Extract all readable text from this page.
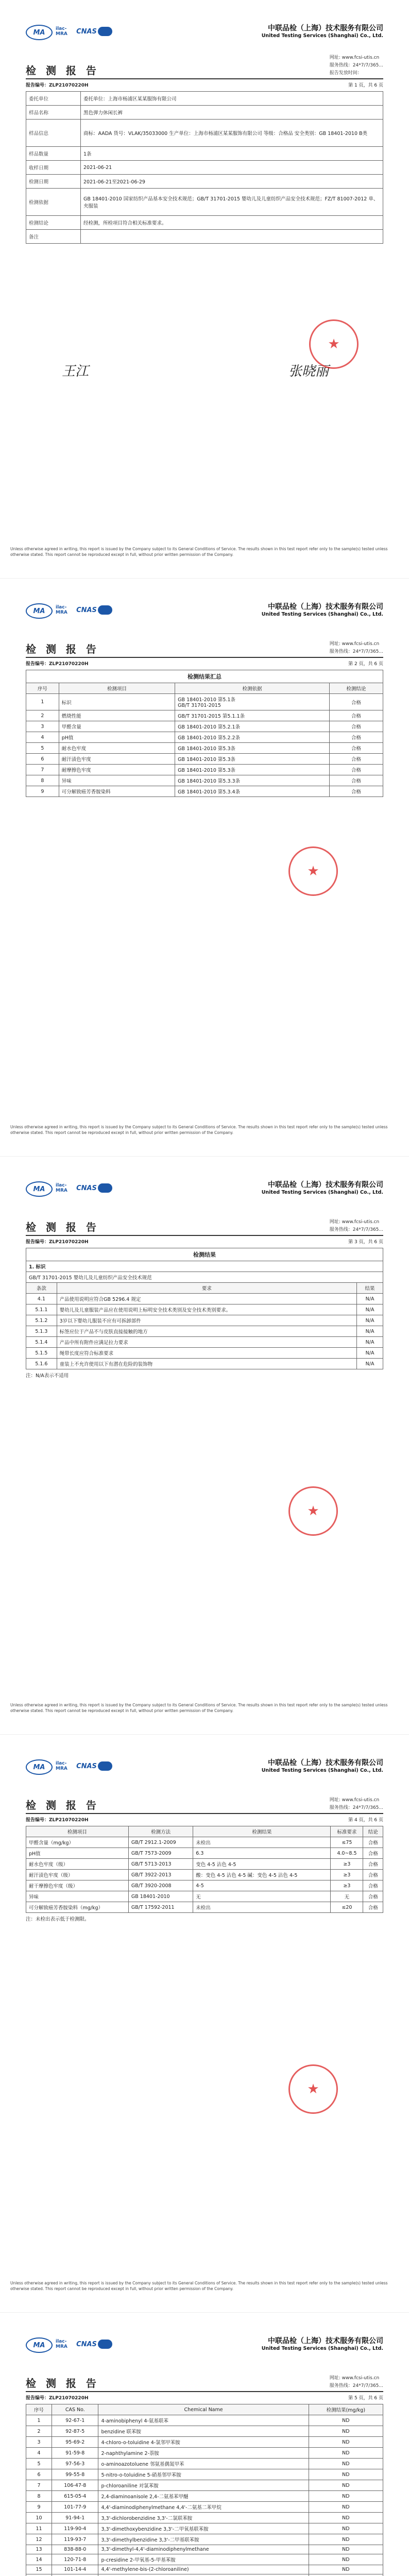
MA	ilac-MRA	CNAS	中联品检（上海）技术服务有限公司
United Testing Services (Shanghai) Co., Ltd.
检 测 报 告
网址: www.fcsi-utis.cn
服务热线：24*7/7/365...
报告发放时间：
报告编号：ZLP21070220H	第 1 页，共 6 页
委托单位	委托单位：上海市杨浦区某某服饰有限公司
样品名称	黑色弹力休闲长裤
样品信息	商标：AADA 货号：VLAK/35033000 生产单位：上海市杨浦区某某服饰有限公司 等级：合格品 安全类别：GB 18401-2010 B类
样品数量	1条
收样日期	2021-06-21
检测日期	2021-06-21至2021-06-29
检测依据	GB 18401-2010 国家纺织产品基本安全技术规范；GB/T 31701-2015 婴幼儿及儿童纺织产品安全技术规范；FZ/T 81007-2012 单、夹服装
检测结论	经检测，所检项目符合相关标准要求。
备注	
王江	张晓丽
★
Unless otherwise agreed in writing, this report is issued by the Company subject to its General Conditions of Service. The results shown in this test report refer only to the sample(s) tested unless otherwise stated. This report cannot be reproduced except in full, without prior written permission of the Company.
MA	ilac-MRA	CNAS	中联品检（上海）技术服务有限公司
United Testing Services (Shanghai) Co., Ltd.
检 测 报 告	网址: www.fcsi-utis.cn
服务热线：24*7/7/365...
报告编号：ZLP21070220H	第 2 页，共 6 页
检测结果汇总			
序号	检测项目	检测依据	检测结论
1	标识	GB 18401-2010 第5.1条
GB/T 31701-2015	合格
2	燃烧性能	GB/T 31701-2015 第5.1.1条	合格
3	甲醛含量	GB 18401-2010 第5.2.1条	合格
4	pH值	GB 18401-2010 第5.2.2条	合格
5	耐水色牢度	GB 18401-2010 第5.3条	合格
6	耐汗渍色牢度	GB 18401-2010 第5.3条	合格
7	耐摩擦色牢度	GB 18401-2010 第5.3条	合格
8	异味	GB 18401-2010 第5.3.3条	合格
9	可分解致癌芳香胺染料	GB 18401-2010 第5.3.4条	合格
★
Unless otherwise agreed in writing, this report is issued by the Company subject to its General Conditions of Service. The results shown in this test report refer only to the sample(s) tested unless otherwise stated. This report cannot be reproduced except in full, without prior written permission of the Company.
MA	ilac-MRA	CNAS	中联品检（上海）技术服务有限公司
United Testing Services (Shanghai) Co., Ltd.
检 测 报 告	网址: www.fcsi-utis.cn
服务热线：24*7/7/365...
报告编号：ZLP21070220H	第 3 页，共 6 页
检测结果		
1. 标识		
GB/T 31701-2015 婴幼儿及儿童纺织产品安全技术规范		
条款	要求	结果
4.1	产品使用说明应符合GB 5296.4 规定	N/A
5.1.1	婴幼儿及儿童服装产品应在使用说明上标明安全技术类别及安全技术类别要求。	N/A
5.1.2	3岁以下婴幼儿服装不应有可拆卸部件	N/A
5.1.3	标签应位于产品不与皮肤直接接触的地方	N/A
5.1.4	产品中所有附件应满足拉力要求	N/A
5.1.5	绳带长度应符合标准要求	N/A
5.1.6	童装上不允许使用以下有潜在危险的装饰物	N/A
注：N/A表示不适用
★
Unless otherwise agreed in writing, this report is issued by the Company subject to its General Conditions of Service. The results shown in this test report refer only to the sample(s) tested unless otherwise stated. This report cannot be reproduced except in full, without prior written permission of the Company.
MA	ilac-MRA	CNAS	中联品检（上海）技术服务有限公司
United Testing Services (Shanghai) Co., Ltd.
检 测 报 告	网址: www.fcsi-utis.cn
服务热线：24*7/7/365...
报告编号：ZLP21070220H	第 4 页，共 6 页
检测项目	检测方法	检测结果	标准要求	结论
甲醛含量（mg/kg）	GB/T 2912.1-2009	未检出	≤75	合格
pH值	GB/T 7573-2009	6.3	4.0~8.5	合格
耐水色牢度（级）	GB/T 5713-2013	变色 4-5 沾色 4-5	≥3	合格
耐汗渍色牢度（级）	GB/T 3922-2013	酸：变色 4-5 沾色 4-5 碱：变色 4-5 沾色 4-5	≥3	合格
耐干摩擦色牢度（级）	GB/T 3920-2008	4-5	≥3	合格
异味	GB 18401-2010	无	无	合格
可分解致癌芳香胺染料（mg/kg）	GB/T 17592-2011	未检出	≤20	合格
注：未检出表示低于检测限。
★
Unless otherwise agreed in writing, this report is issued by the Company subject to its General Conditions of Service. The results shown in this test report refer only to the sample(s) tested unless otherwise stated. This report cannot be reproduced except in full, without prior written permission of the Company.
MA	ilac-MRA	CNAS	中联品检（上海）技术服务有限公司
United Testing Services (Shanghai) Co., Ltd.
检 测 报 告	网址: www.fcsi-utis.cn
服务热线：24*7/7/365...
报告编号：ZLP21070220H	第 5 页，共 6 页
序号	CAS No.	Chemical Name	检测结果(mg/kg)
1	92-67-1	4-aminobiphenyl 4-氨基联苯	ND
2	92-87-5	benzidine 联苯胺	ND
3	95-69-2	4-chloro-o-toluidine 4-氯邻甲苯胺	ND
4	91-59-8	2-naphthylamine 2-萘胺	ND
5	97-56-3	o-aminoazotoluene 邻氨基偶氮甲苯	ND
6	99-55-8	5-nitro-o-toluidine 5-硝基邻甲苯胺	ND
7	106-47-8	p-chloroaniline 对氯苯胺	ND
8	615-05-4	2,4-diaminoanisole 2,4-二氨基苯甲醚	ND
9	101-77-9	4,4'-diaminodiphenylmethane 4,4'-二氨基二苯甲烷	ND
10	91-94-1	3,3'-dichlorobenzidine 3,3'-二氯联苯胺	ND
11	119-90-4	3,3'-dimethoxybenzidine 3,3'-二甲氧基联苯胺	ND
12	119-93-7	3,3'-dimethylbenzidine 3,3'-二甲基联苯胺	ND
13	838-88-0	3,3'-dimethyl-4,4'-diaminodiphenylmethane	ND
14	120-71-8	p-cresidine 2-甲氧基-5-甲基苯胺	ND
15	101-14-4	4,4'-methylene-bis-(2-chloroaniline)	ND
